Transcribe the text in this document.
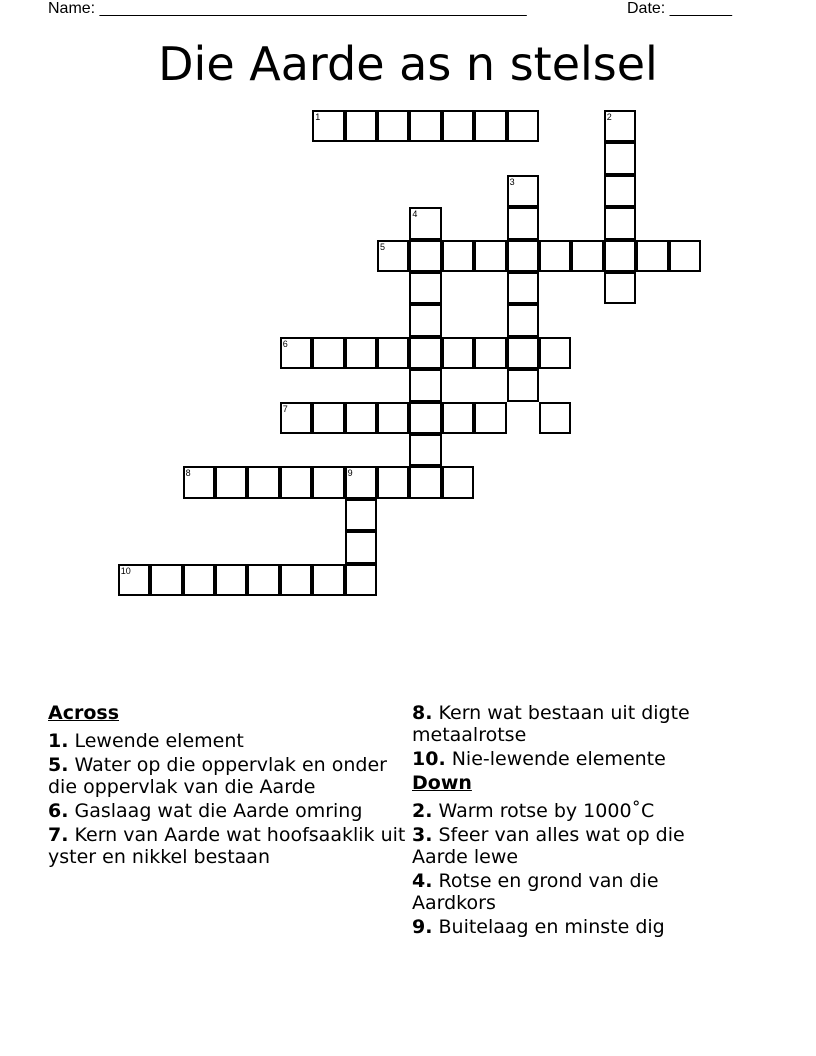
Name: ________________________________________________	Date: _______
Die Aarde as n stelsel
1	2
3
4
5
6
7
8	9
10
Across
1. Lewende element
5. Water op die oppervlak en onder die oppervlak van die Aarde
6. Gaslaag wat die Aarde omring
7. Kern van Aarde wat hoofsaaklik uit yster en nikkel bestaan
8. Kern wat bestaan uit digte metaalrotse
10. Nie-lewende elemente
Down
2. Warm rotse by 1000˚C
3. Sfeer van alles wat op die Aarde lewe
4. Rotse en grond van die Aardkors
9. Buitelaag en minste dig
